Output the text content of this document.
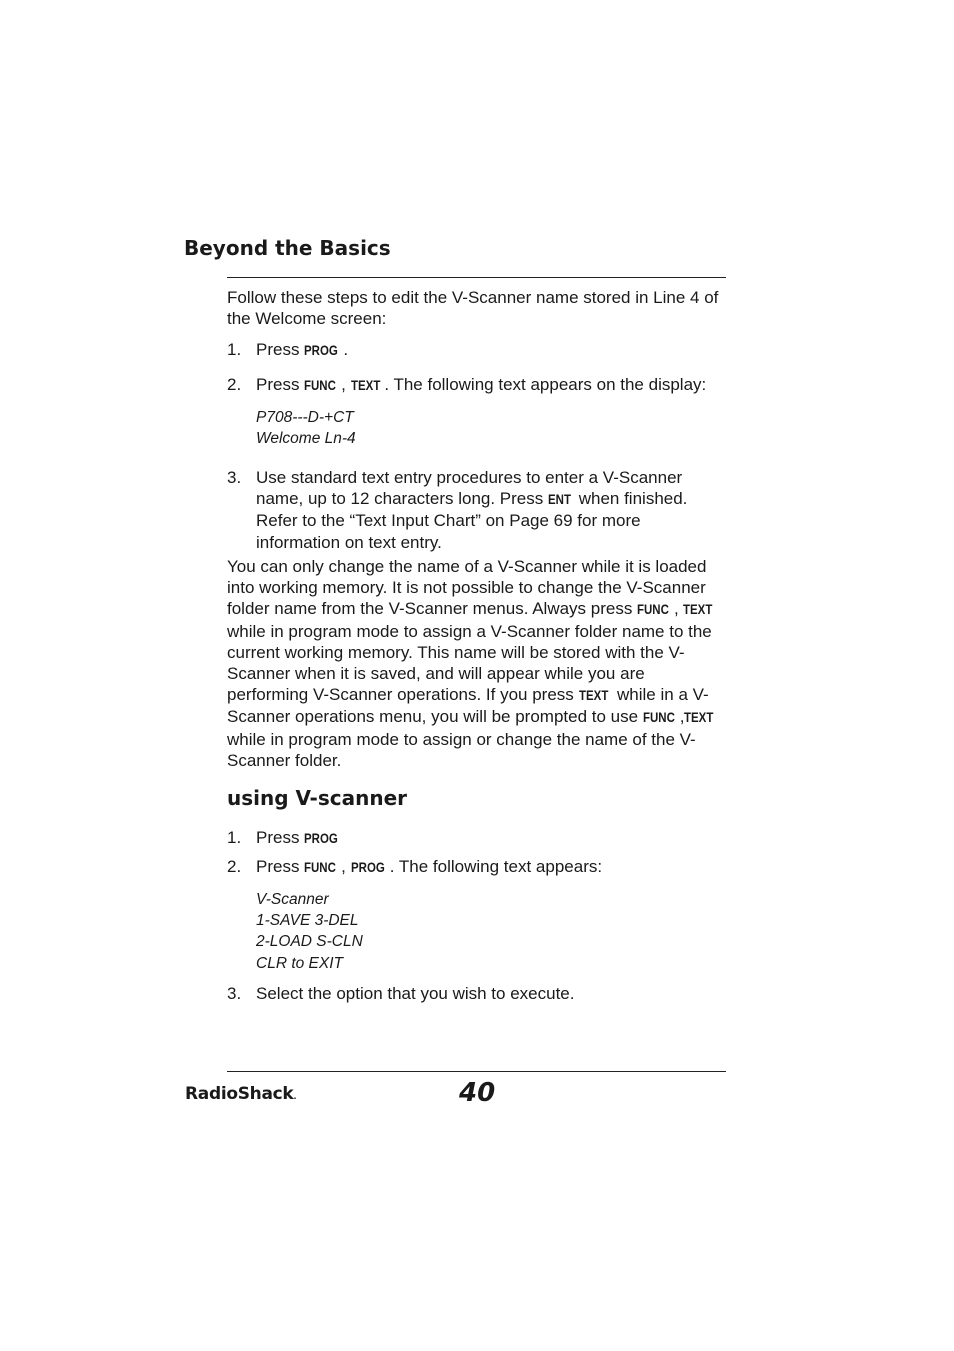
Beyond the Basics

Follow these steps to edit the V-Scanner name stored in Line 4 of the Welcome screen:

1. Press PROG .
2. Press FUNC , TEXT . The following text appears on the display:
P708---D-+CT
Welcome Ln-4
3. Use standard text entry procedures to enter a V-Scanner name, up to 12 characters long. Press ENT when finished. Refer to the “Text Input Chart” on Page 69 for more information on text entry.

You can only change the name of a V-Scanner while it is loaded into working memory. It is not possible to change the V-Scanner folder name from the V-Scanner menus. Always press FUNC , TEXT while in program mode to assign a V-Scanner folder name to the current working memory. This name will be stored with the V-Scanner when it is saved, and will appear while you are performing V-Scanner operations. If you press TEXT while in a V-Scanner operations menu, you will be prompted to use FUNC ,TEXT while in program mode to assign or change the name of the V-Scanner folder.

using V-scanner
1. Press PROG
2. Press FUNC , PROG . The following text appears:
V-Scanner
1-SAVE 3-DEL
2-LOAD S-CLN
CLR to EXIT
3. Select the option that you wish to execute.
RadioShack.	40
